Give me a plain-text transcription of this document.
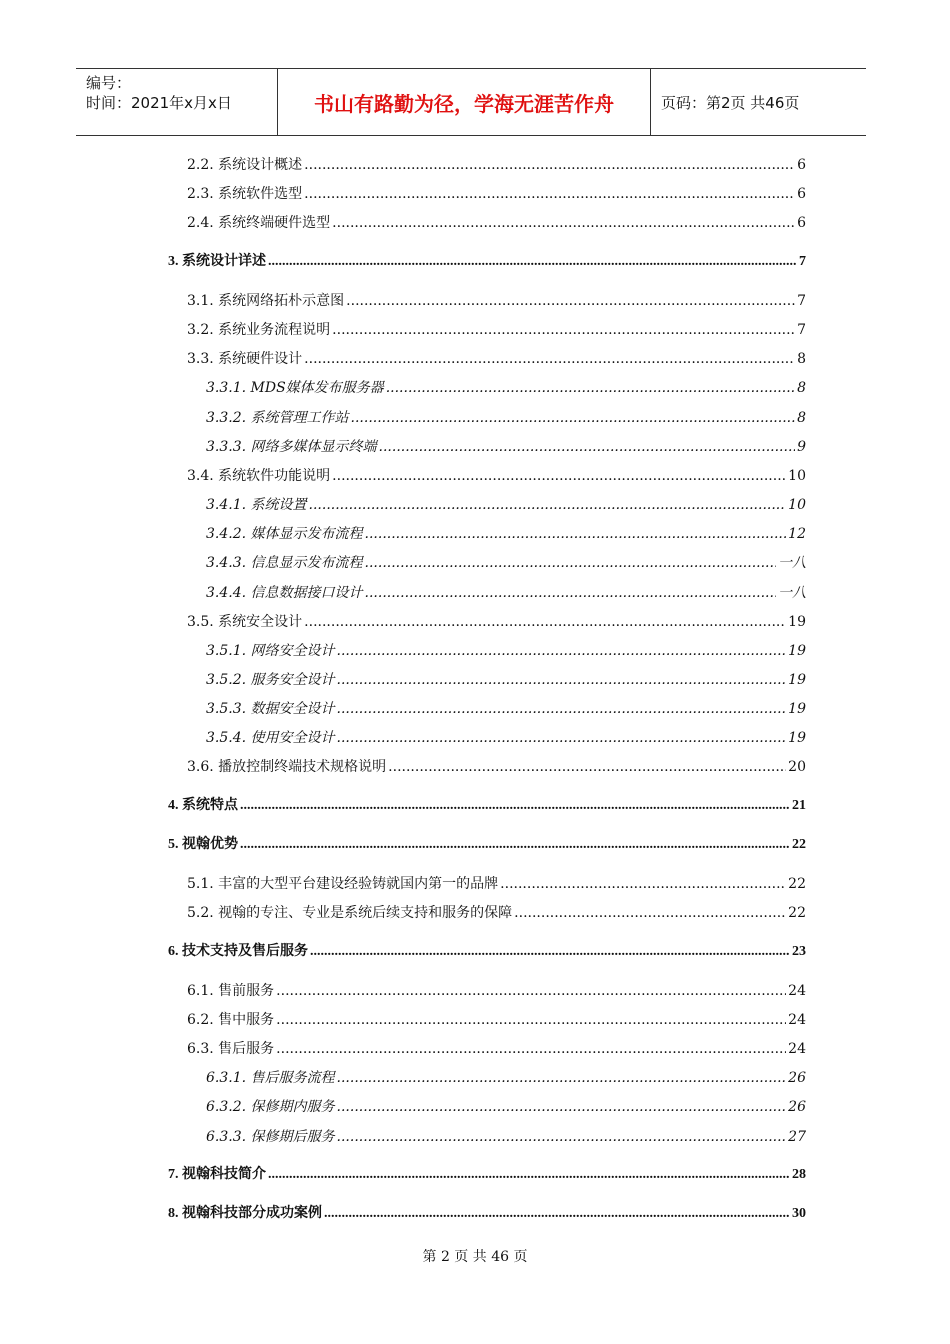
编号：
时间：2021年x月x日	书山有路勤为径，学海无涯苦作舟	页码：第2页 共46页
2.2. 系统设计概述 .....	6
2.3. 系统软件选型 .....	6
2.4. 系统终端硬件选型 .....	6
3. 系统设计详述 .....	7
3.1. 系统网络拓朴示意图 .....	7
3.2. 系统业务流程说明 .....	7
3.3. 系统硬件设计 .....	8
3.3.1. MDS媒体发布服务器 .....	8
3.3.2. 系统管理工作站 .....	8
3.3.3. 网络多媒体显示终端 .....	9
3.4. 系统软件功能说明 .....	10
3.4.1. 系统设置 .....	10
3.4.2. 媒体显示发布流程 .....	12
3.4.3. 信息显示发布流程 .....	一八
3.4.4. 信息数据接口设计 .....	一八
3.5. 系统安全设计 .....	19
3.5.1. 网络安全设计 .....	19
3.5.2. 服务安全设计 .....	19
3.5.3. 数据安全设计 .....	19
3.5.4. 使用安全设计 .....	19
3.6. 播放控制终端技术规格说明 .....	20
4. 系统特点 .....	21
5. 视翰优势 .....	22
5.1. 丰富的大型平台建设经验铸就国内第一的品牌 .....	22
5.2. 视翰的专注、专业是系统后续支持和服务的保障 .....	22
6. 技术支持及售后服务 .....	23
6.1. 售前服务 .....	24
6.2. 售中服务 .....	24
6.3. 售后服务 .....	24
6.3.1. 售后服务流程 .....	26
6.3.2. 保修期内服务 .....	26
6.3.3. 保修期后服务 .....	27
7. 视翰科技简介 .....	28
8. 视翰科技部分成功案例 .....	30
第 2 页 共 46 页
